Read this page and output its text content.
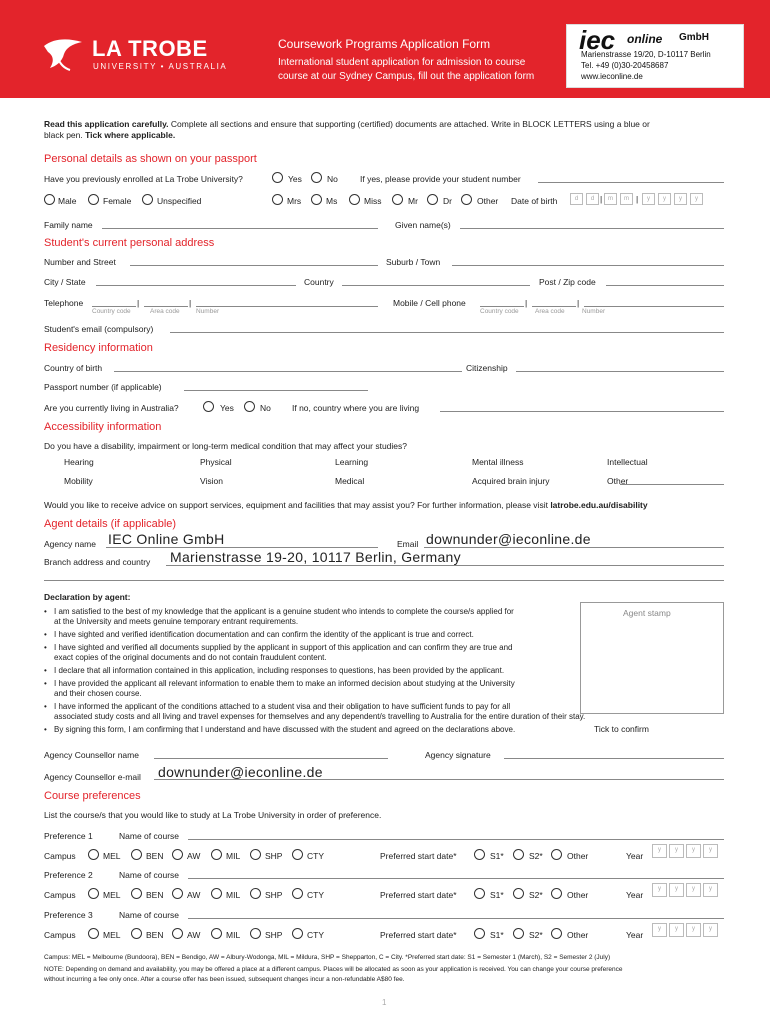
LA TROBE
UNIVERSITY • AUSTRALIA
Coursework Programs Application Form
International student application for admission to course
course at our Sydney Campus, fill out the application form
iec online GmbH
Marienstrasse 19/20, D-10117 Berlin
Tel. +49 (0)30-20458687
www.ieconline.de
Read this application carefully. Complete all sections and ensure that supporting (certified) documents are attached. Write in BLOCK LETTERS using a blue or
black pen. Tick where applicable.
Personal details as shown on your passport
Have you previously enrolled at La Trobe University?	Yes	No	If yes, please provide your student number
Male	Female	Unspecified	Mrs	Ms	Miss	Mr	Dr	Other Date of birth	d	d	m	m	y	y	y	y
|	|
Family name	Given name(s)
Student's current personal address
Number and Street	Suburb / Town
City / State	Country	Post / Zip code
Telephone	|	|
Country code	Area code	Number
Mobile / Cell phone	|	|
Country code	Area code	Number
Student's email (compulsory)
Residency information
Country of birth	Citizenship
Passport number (if applicable)
Are you currently living in Australia?	Yes	No If no, country where you are living
Accessibility information
Do you have a disability, impairment or long-term medical condition that may affect your studies?
Hearing	Physical	Learning	Mental illness	Intellectual
Mobility	Vision	Medical	Acquired brain injury	Other
Would you like to receive advice on support services, equipment and facilities that may assist you? For further information, please visit latrobe.edu.au/disability
Agent details (if applicable)
Agency name IEC Online GmbH	Email downunder@ieconline.de
Branch address and country Marienstrasse 19-20, 10117 Berlin, Germany
Declaration by agent:
• I am satisfied to the best of my knowledge that the applicant is a genuine student who intends to complete the course/s applied for
at the University and meets genuine temporary entrant requirements.
• I have sighted and verified identification documentation and can confirm the identity of the applicant is true and correct.
• I have sighted and verified all documents supplied by the applicant in support of this application and can confirm they are true and
exact copies of the original documents and do not contain fraudulent content.
• I declare that all information contained in this application, including responses to questions, has been provided by the applicant.
• I have provided the applicant all relevant information to enable them to make an informed decision about studying at the University
and their chosen course.
• I have informed the applicant of the conditions attached to a student visa and their obligation to have sufficient funds to pay for all
associated study costs and all living and travel expenses for themselves and any dependent/s travelling to Australia for the entire duration of their stay.
• By signing this form, I am confirming that I understand and have discussed with the student and agreed on the declarations above.
Agent stamp
Tick to confirm
Agency Counsellor name	Agency signature
Agency Counsellor e-mail downunder@ieconline.de
Course preferences
List the course/s that you would like to study at La Trobe University in order of preference.
Preference 1	Name of course
Campus	MEL	BEN	AW	MIL	SHP	CTY	Preferred start date*	S1*	S2*	Other	Year
y	y	y	y
Preference 2	Name of course
Campus	MEL	BEN	AW	MIL	SHP	CTY	Preferred start date*	S1*	S2*	Other	Year
y	y	y	y
Preference 3	Name of course
Campus	MEL	BEN	AW	MIL	SHP	CTY	Preferred start date*	S1*	S2*	Other	Year
y	y	y	y
Campus: MEL = Melbourne (Bundoora), BEN = Bendigo, AW = Albury-Wodonga, MIL = Mildura, SHP = Shepparton, C = City. *Preferred start date: S1 = Semester 1 (March), S2 = Semester 2 (July)
NOTE: Depending on demand and availability, you may be offered a place at a different campus. Places will be allocated as soon as your application is received. You can change your course preference
without incurring a fee only once. After a course offer has been issued, subsequent changes incur a non-refundable A$80 fee.
1
